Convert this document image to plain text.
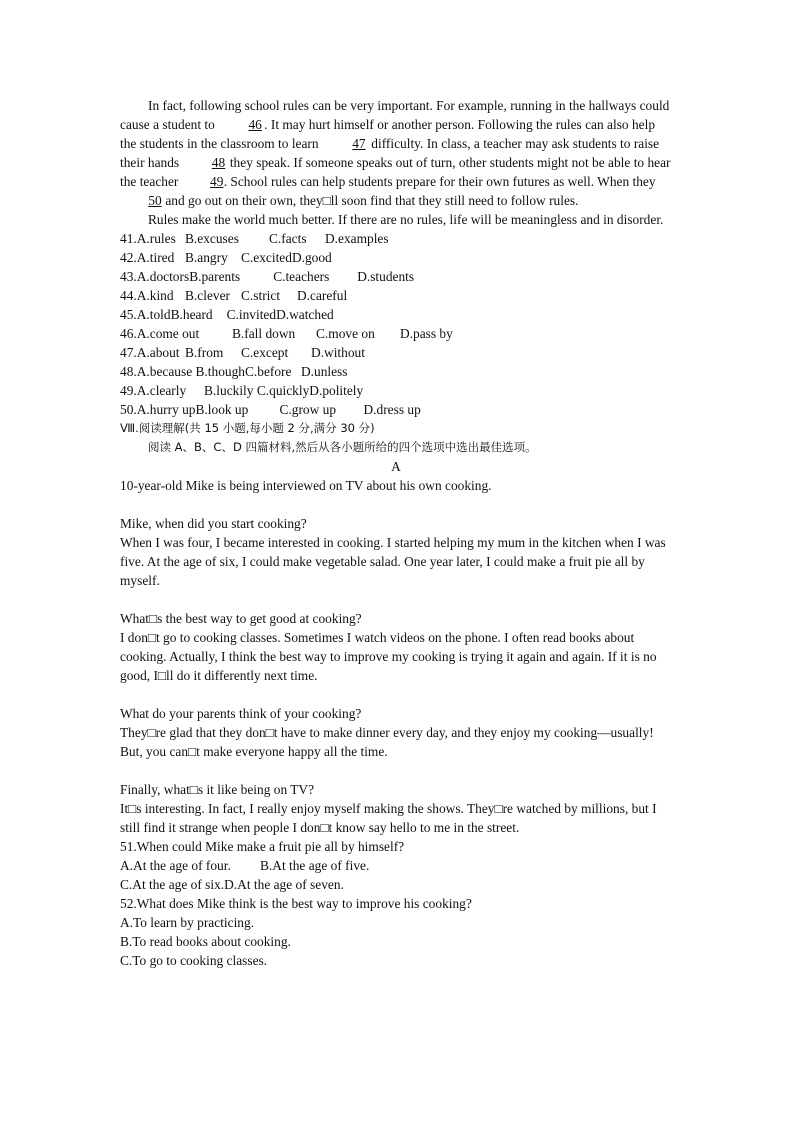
In fact, following school rules can be very important. For example, running in the hallways could cause a student to 46 . It may hurt himself or another person. Following the rules can also help the students in the classroom to learn 47 difficulty. In class, a teacher may ask students to raise their hands 48 they speak. If someone speaks out of turn, other students might not be able to hear the teacher 49. School rules can help students prepare for their own futures as well. When they 50 and go out on their own, they□ll soon find that they still need to follow rules.

Rules make the world much better. If there are no rules, life will be meaningless and in disorder.

41.A.rules B.excuses C.facts D.examples
42.A.tired B.angry C.excitedD.good
43.A.doctorsB.parents C.teachers D.students
44.A.kind B.clever C.strict D.careful
45.A.toldB.heard C.invitedD.watched
46.A.come out B.fall down C.move on D.pass by
47.A.about B.from C.except D.without
48.A.because B.thoughC.before D.unless
49.A.clearly B.luckily C.quicklyD.politely
50.A.hurry upB.look up C.grow up D.dress up
Ⅷ.阅读理解(共 15 小题,每小题 2 分,满分 30 分)
阅读 A、B、C、D 四篇材料,然后从各小题所给的四个选项中选出最佳选项。
A

10-year-old Mike is being interviewed on TV about his own cooking.

Mike, when did you start cooking?

When I was four, I became interested in cooking. I started helping my mum in the kitchen when I was five. At the age of six, I could make vegetable salad. One year later, I could make a fruit pie all by myself.

What□s the best way to get good at cooking?

I don□t go to cooking classes. Sometimes I watch videos on the phone. I often read books about cooking. Actually, I think the best way to improve my cooking is trying it again and again. If it is no good, I□ll do it differently next time.

What do your parents think of your cooking?

They□re glad that they don□t have to make dinner every day, and they enjoy my cooking—usually! But, you can□t make everyone happy all the time.

Finally, what□s it like being on TV?

It□s interesting. In fact, I really enjoy myself making the shows. They□re watched by millions, but I still find it strange when people I don□t know say hello to me in the street.

51.When could Mike make a fruit pie all by himself?

A.At the age of four. B.At the age of five.
C.At the age of six.D.At the age of seven.

52.What does Mike think is the best way to improve his cooking?

A.To learn by practicing.

B.To read books about cooking.

C.To go to cooking classes.
